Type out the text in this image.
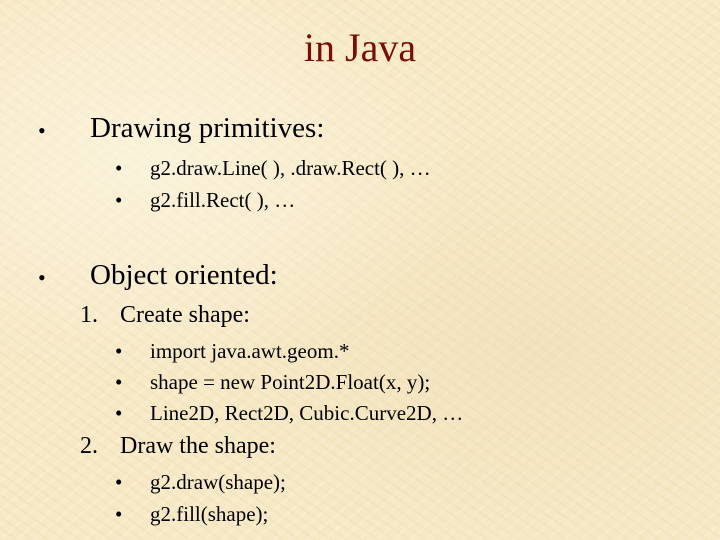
in Java
• Drawing primitives:
• g2.draw.Line( ), .draw.Rect( ), …
• g2.fill.Rect( ), …
• Object oriented:
1. Create shape:
• import java.awt.geom.*
• shape = new Point2D.Float(x, y);
• Line2D, Rect2D, Cubic.Curve2D, …
2. Draw the shape:
• g2.draw(shape);
• g2.fill(shape);
